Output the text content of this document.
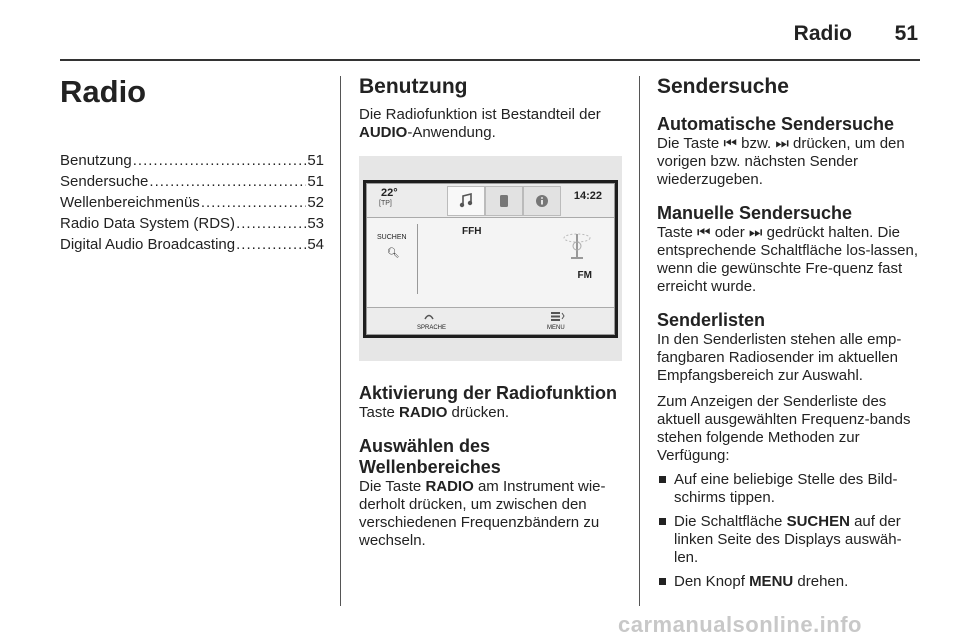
Radio	51
Radio
Benutzung .....	51
Sendersuche .....	51
Wellenbereichmenüs .....	52
Radio Data System (RDS) .....	53
Digital Audio Broadcasting .....	54
Benutzung

Die Radiofunktion ist Bestandteil der
AUDIO-Anwendung.

22°
[TP]
14:22
SUCHEN
🔍︎
FFH
FM
SPRACHE	MENU
Aktivierung der Radiofunktion

Taste RADIO drücken.

Auswählen des
Wellenbereiches

Die Taste RADIO am Instrument wie-derholt drücken, um zwischen den verschiedenen Frequenzbändern zu wechseln.

Sendersuche
Automatische Sendersuche

Die Taste ⏮︎ bzw. ⏭︎ drücken, um den vorigen bzw. nächsten Sender wiederzugeben.

Manuelle Sendersuche

Taste ⏮︎ oder ⏭︎ gedrückt halten. Die entsprechende Schaltfläche los-lassen, wenn die gewünschte Fre-quenz fast erreicht wurde.

Senderlisten

In den Senderlisten stehen alle emp-fangbaren Radiosender im aktuellen Empfangsbereich zur Auswahl.

Zum Anzeigen der Senderliste des aktuell ausgewählten Frequenz-bands stehen folgende Methoden zur Verfügung:

Auf eine beliebige Stelle des Bild-schirms tippen.
Die Schaltfläche SUCHEN auf der linken Seite des Displays auswäh-len.
Den Knopf MENU drehen.
carmanualsonline.info
